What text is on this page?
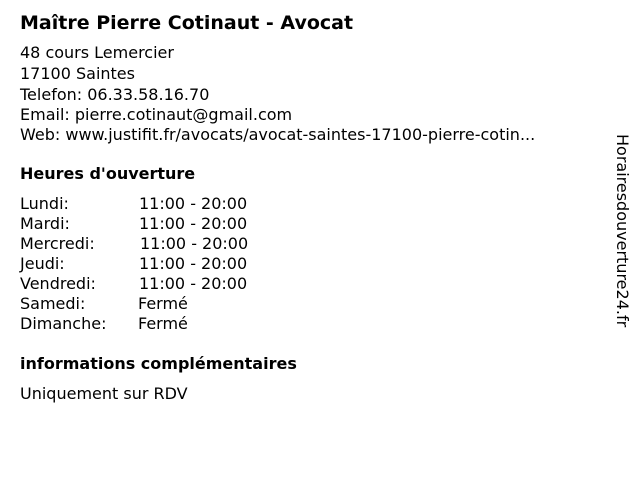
Maître Pierre Cotinaut - Avocat
48 cours Lemercier
17100 Saintes
Telefon: 06.33.58.16.70
Email: pierre.cotinaut@gmail.com
Web: www.justifit.fr/avocats/avocat-saintes-17100-pierre-cotin...
Heures d'ouverture
Lundi:	11:00 - 20:00
Mardi:	11:00 - 20:00
Mercredi:	11:00 - 20:00
Jeudi:	11:00 - 20:00
Vendredi:	11:00 - 20:00
Samedi:	Fermé
Dimanche: Fermé
informations complémentaires
Uniquement sur RDV
Horairesdouverture24.fr
